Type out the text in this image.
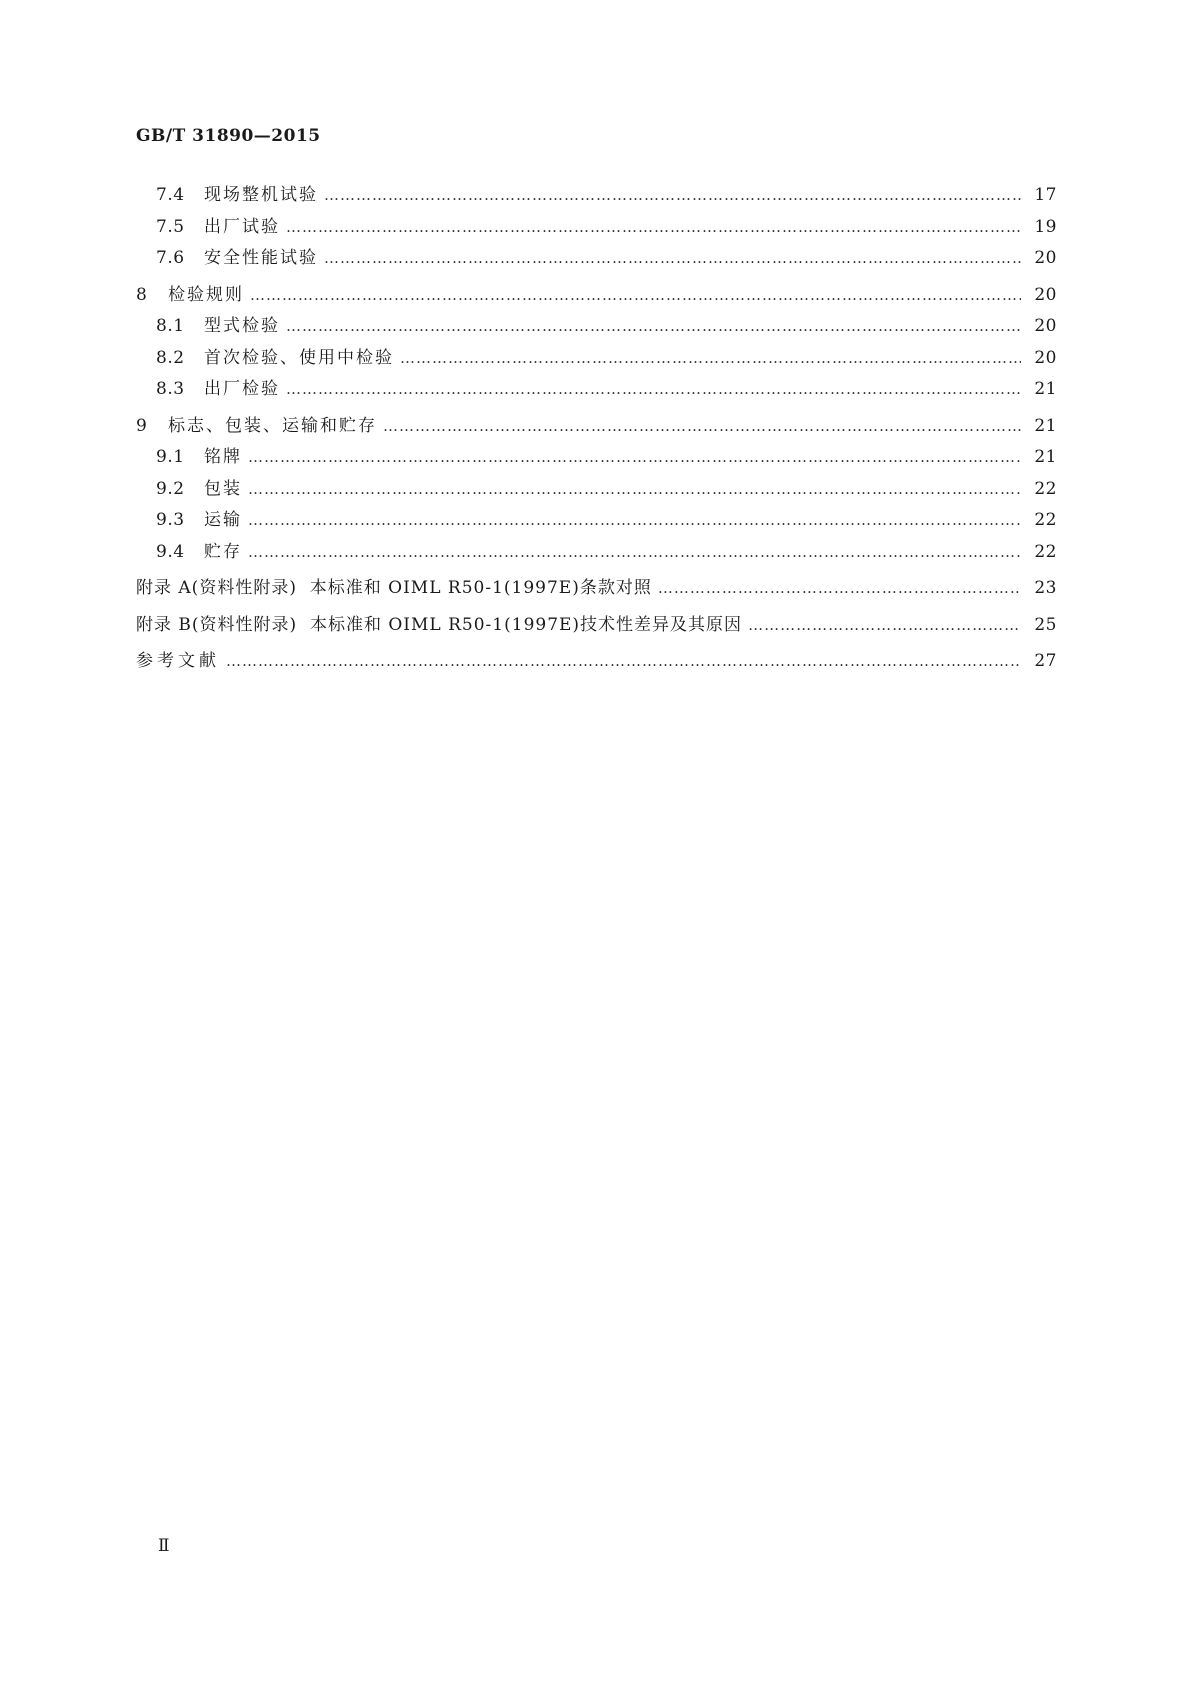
GB/T 31890—2015
7.4	现场整机试验 …………………………………………………………………………………………………………………………………………………………………………………………………………	17
7.5	出厂试验 …………………………………………………………………………………………………………………………………………………………………………………………………………	19
7.6	安全性能试验 …………………………………………………………………………………………………………………………………………………………………………………………………………	20
8	检验规则 …………………………………………………………………………………………………………………………………………………………………………………………………………	20
8.1	型式检验 …………………………………………………………………………………………………………………………………………………………………………………………………………	20
8.2	首次检验、使用中检验 …………………………………………………………………………………………………………………………………………………………………………………………………………	20
8.3	出厂检验 …………………………………………………………………………………………………………………………………………………………………………………………………………	21
9	标志、包装、运输和贮存 …………………………………………………………………………………………………………………………………………………………………………………………………………	21
9.1	铭牌 …………………………………………………………………………………………………………………………………………………………………………………………………………	21
9.2	包装 …………………………………………………………………………………………………………………………………………………………………………………………………………	22
9.3	运输 …………………………………………………………………………………………………………………………………………………………………………………………………………	22
9.4	贮存 …………………………………………………………………………………………………………………………………………………………………………………………………………	22
附录 A(资料性附录)  本标准和 OIML R50-1(1997E)条款对照 …………………………………………………………………………………………………………………………………………………………………………………………………………	23
附录 B(资料性附录)  本标准和 OIML R50-1(1997E)技术性差异及其原因 …………………………………………………………………………………………………………………………………………………………………………………………………………	25
参考文献 …………………………………………………………………………………………………………………………………………………………………………………………………………	27
Ⅱ
